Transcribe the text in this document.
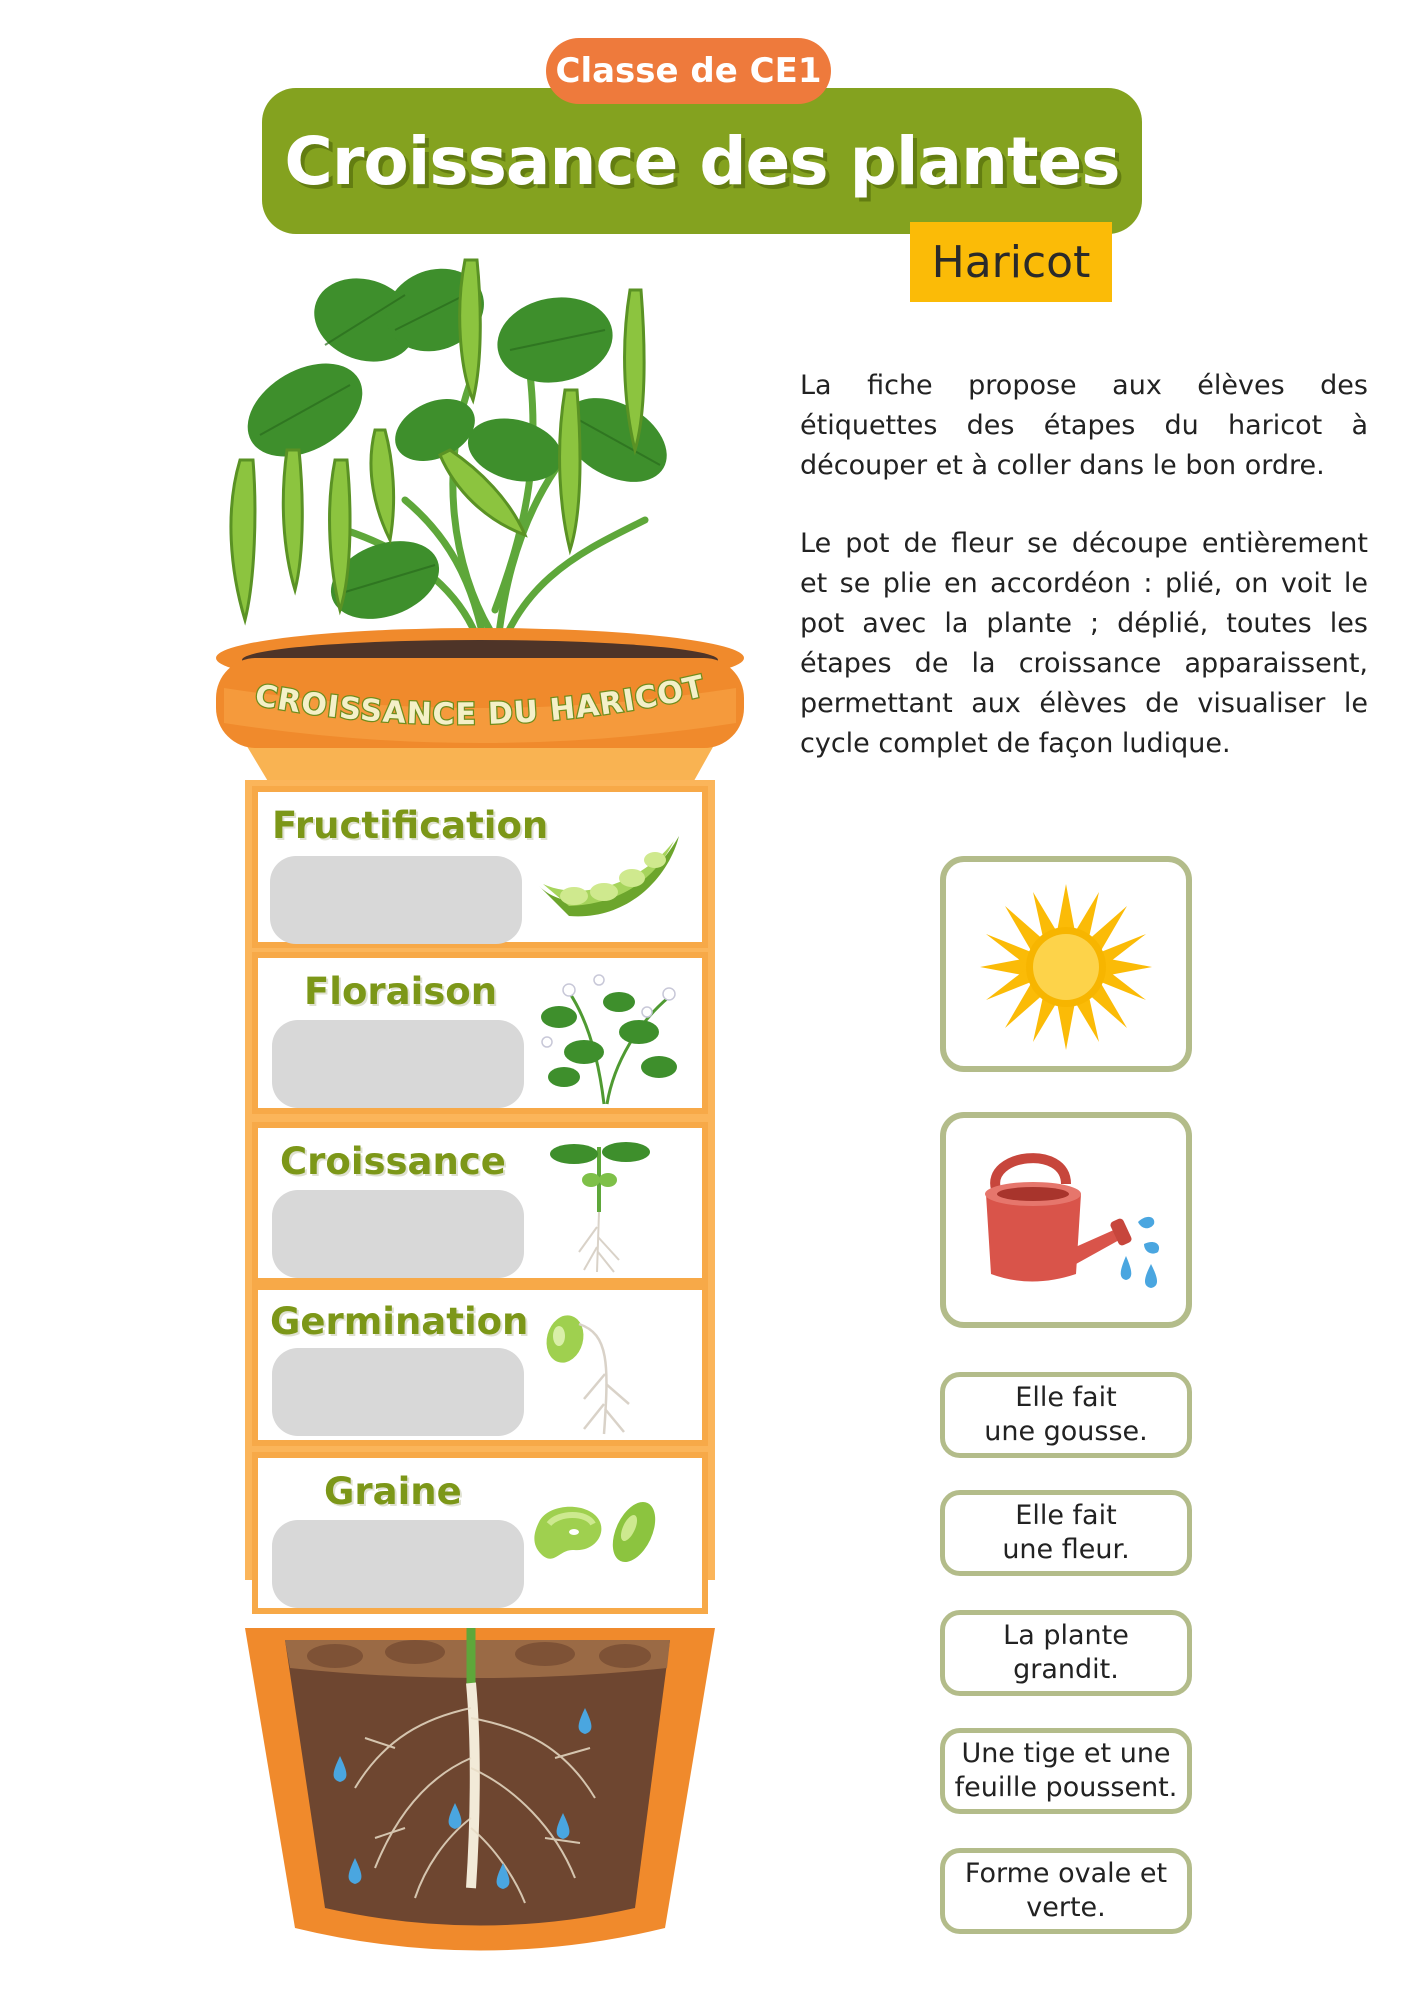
Croissance des plantes
Classe de CE1
Haricot

La fiche propose aux élèves des étiquettes des étapes du haricot à découper et à coller dans le bon ordre.

Le pot de fleur se découpe entièrement et se plie en accordéon : plié, on voit le pot avec la plante ; déplié, toutes les étapes de la croissance apparaissent, permettant aux élèves de visualiser le cycle complet de façon ludique.

CROISSANCE DU HARICOT
Fructification
Floraison
Croissance
Germination
Graine
Elle fait
une gousse.
Elle fait
une fleur.
La plante
grandit.
Une tige et une
feuille poussent.
Forme ovale et
verte.
